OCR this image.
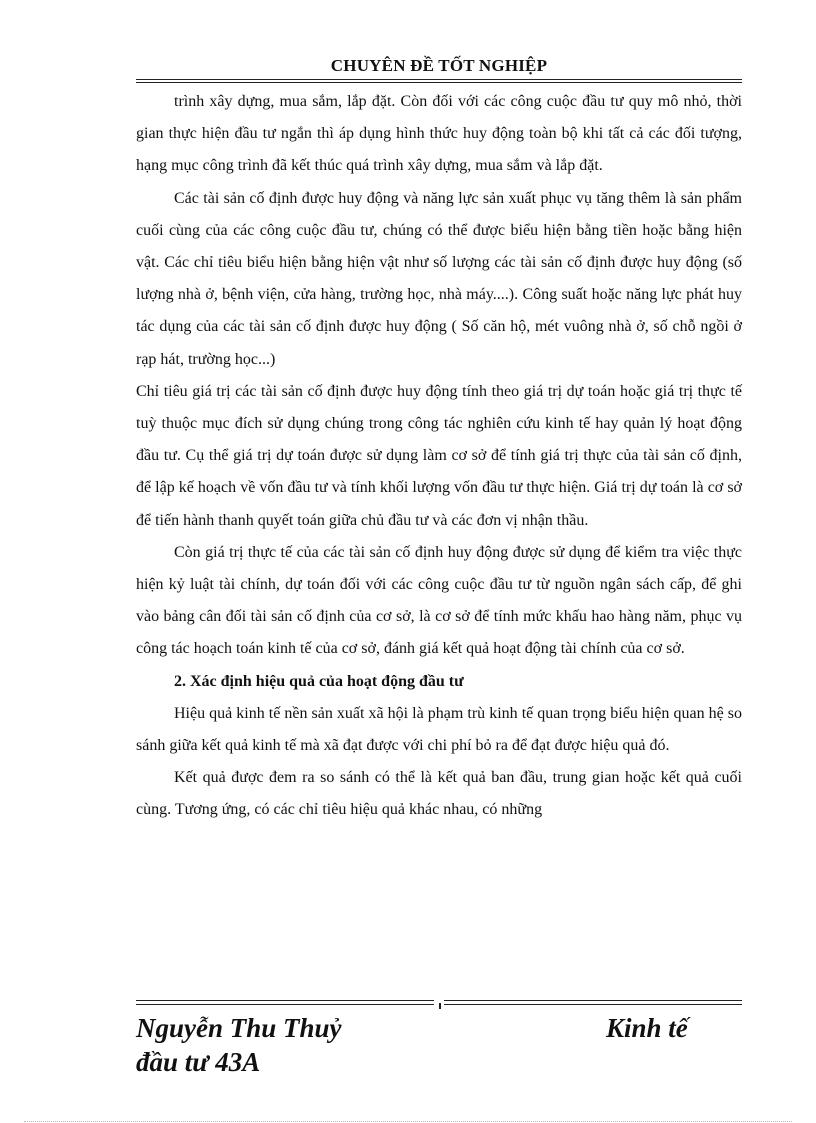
CHUYÊN ĐỀ TỐT NGHIỆP

trình xây dựng, mua sắm, lắp đặt. Còn đối với các công cuộc đầu tư quy mô nhỏ, thời gian thực hiện đầu tư ngắn thì áp dụng hình thức huy động toàn bộ khi tất cả các đối tượng, hạng mục công trình đã kết thúc quá trình xây dựng, mua sắm và lắp đặt.

Các tài sản cố định được huy động và năng lực sản xuất phục vụ tăng thêm là sản phẩm cuối cùng của các công cuộc đầu tư, chúng có thể được biểu hiện bằng tiền hoặc bằng hiện vật. Các chỉ tiêu biểu hiện bằng hiện vật như số lượng các tài sản cố định được huy động (số lượng nhà ở, bệnh viện, cửa hàng, trường học, nhà máy....). Công suất hoặc năng lực phát huy tác dụng của các tài sản cố định được huy động ( Số căn hộ, mét vuông nhà ở, số chỗ ngồi ở rạp hát, trường học...)

Chỉ tiêu giá trị các tài sản cố định được huy động tính theo giá trị dự toán hoặc giá trị thực tế tuỳ thuộc mục đích sử dụng chúng trong công tác nghiên cứu kinh tế hay quản lý hoạt động đầu tư. Cụ thể giá trị dự toán được sử dụng làm cơ sở để tính giá trị thực của tài sản cố định, để lập kế hoạch về vốn đầu tư và tính khối lượng vốn đầu tư thực hiện. Giá trị dự toán là cơ sở để tiến hành thanh quyết toán giữa chủ đầu tư và các đơn vị nhận thầu.

Còn giá trị thực tế của các tài sản cố định huy động được sử dụng để kiểm tra việc thực hiện kỷ luật tài chính, dự toán đối với các công cuộc đầu tư từ nguồn ngân sách cấp, để ghi vào bảng cân đối tài sản cố định của cơ sở, là cơ sở để tính mức khấu hao hàng năm, phục vụ công tác hoạch toán kinh tế của cơ sở, đánh giá kết quả hoạt động tài chính của cơ sở.

2. Xác định hiệu quả của hoạt động đầu tư

Hiệu quả kinh tế nền sản xuất xã hội là phạm trù kinh tế quan trọng biểu hiện quan hệ so sánh giữa kết quả kinh tế mà xã đạt được với chi phí bỏ ra để đạt được hiệu quả đó.

Kết quả được đem ra so sánh có thể là kết quả ban đầu, trung gian hoặc kết quả cuối cùng. Tương ứng, có các chỉ tiêu hiệu quả khác nhau, có những

Nguyễn Thu Thuỷ	Kinh tế
đầu tư 43A
